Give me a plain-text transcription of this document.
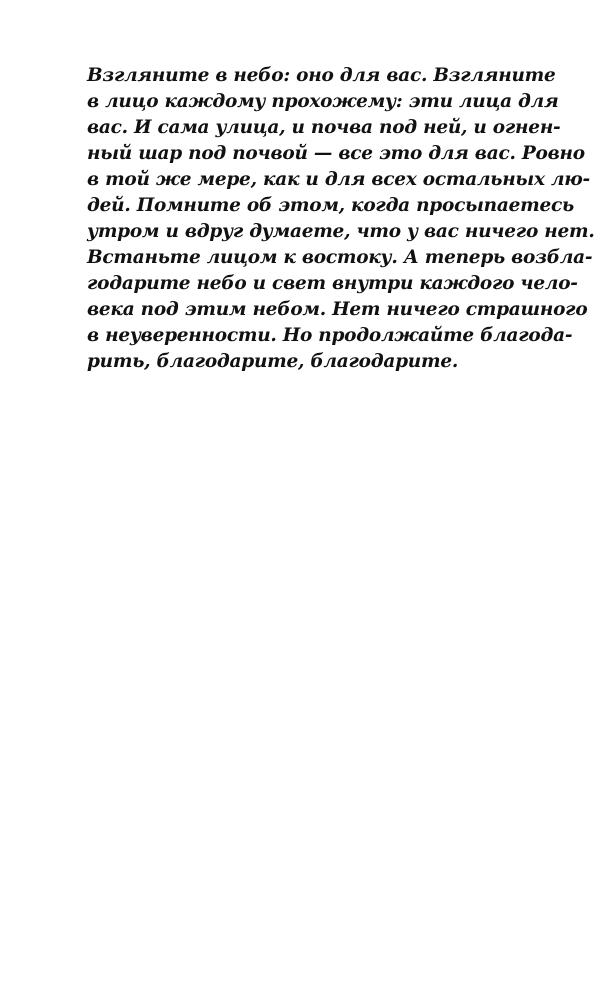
Взгляните в небо: оно для вас. Взгляните
в лицо каждому прохожему: эти лица для
вас. И сама улица, и почва под ней, и огнен-
ный шар под почвой — все это для вас. Ровно
в той же мере, как и для всех остальных лю-
дей. Помните об этом, когда просыпаетесь
утром и вдруг думаете, что у вас ничего нет.
Встаньте лицом к востоку. А теперь возбла-
годарите небо и свет внутри каждого чело-
века под этим небом. Нет ничего страшного
в неуверенности. Но продолжайте благода-
рить, благодарите, благодарите.
